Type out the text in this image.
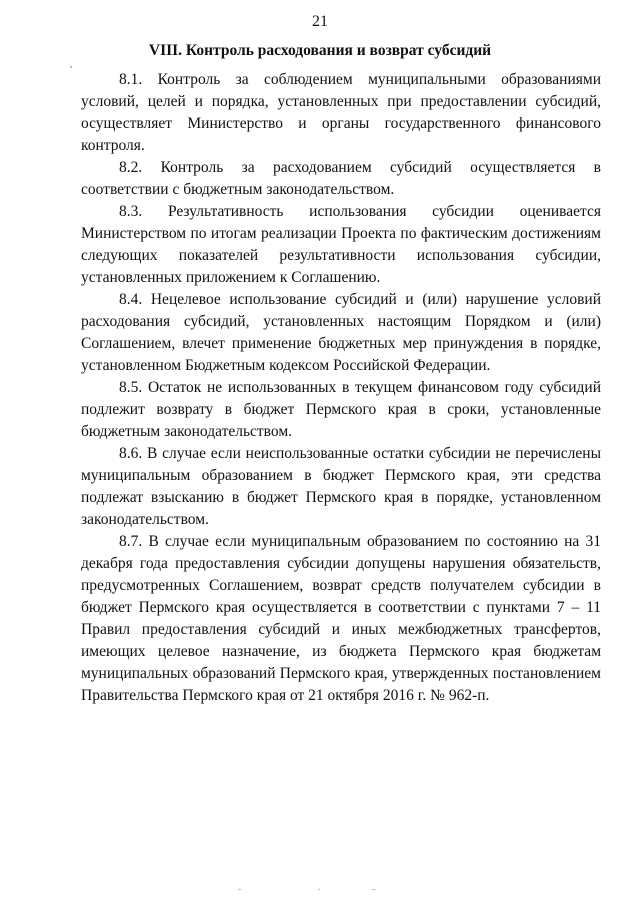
21
VIII. Контроль расходования и возврат субсидий

8.1. Контроль за соблюдением муниципальными образованиями условий, целей и порядка, установленных при предоставлении субсидий, осуществляет Министерство и органы государственного финансового контроля.

8.2. Контроль за расходованием субсидий осуществляется в соответствии с бюджетным законодательством.

8.3. Результативность использования субсидии оценивается Министерством по итогам реализации Проекта по фактическим достижениям следующих показателей результативности использования субсидии, установленных приложением к Соглашению.

8.4. Нецелевое использование субсидий и (или) нарушение условий расходования субсидий, установленных настоящим Порядком и (или) Соглашением, влечет применение бюджетных мер принуждения в порядке, установленном Бюджетным кодексом Российской Федерации.

8.5. Остаток не использованных в текущем финансовом году субсидий подлежит возврату в бюджет Пермского края в сроки, установленные бюджетным законодательством.

8.6. В случае если неиспользованные остатки субсидии не перечислены муниципальным образованием в бюджет Пермского края, эти средства подлежат взысканию в бюджет Пермского края в порядке, установленном законодательством.

8.7. В случае если муниципальным образованием по состоянию на 31 декабря года предоставления субсидии допущены нарушения обязательств, предусмотренных Соглашением, возврат средств получателем субсидии в бюджет Пермского края осуществляется в соответствии с пунктами 7 – 11 Правил предоставления субсидий и иных межбюджетных трансфертов, имеющих целевое назначение, из бюджета Пермского края бюджетам муниципальных образований Пермского края, утвержденных постановлением Правительства Пермского края от 21 октября 2016 г. № 962-п.
